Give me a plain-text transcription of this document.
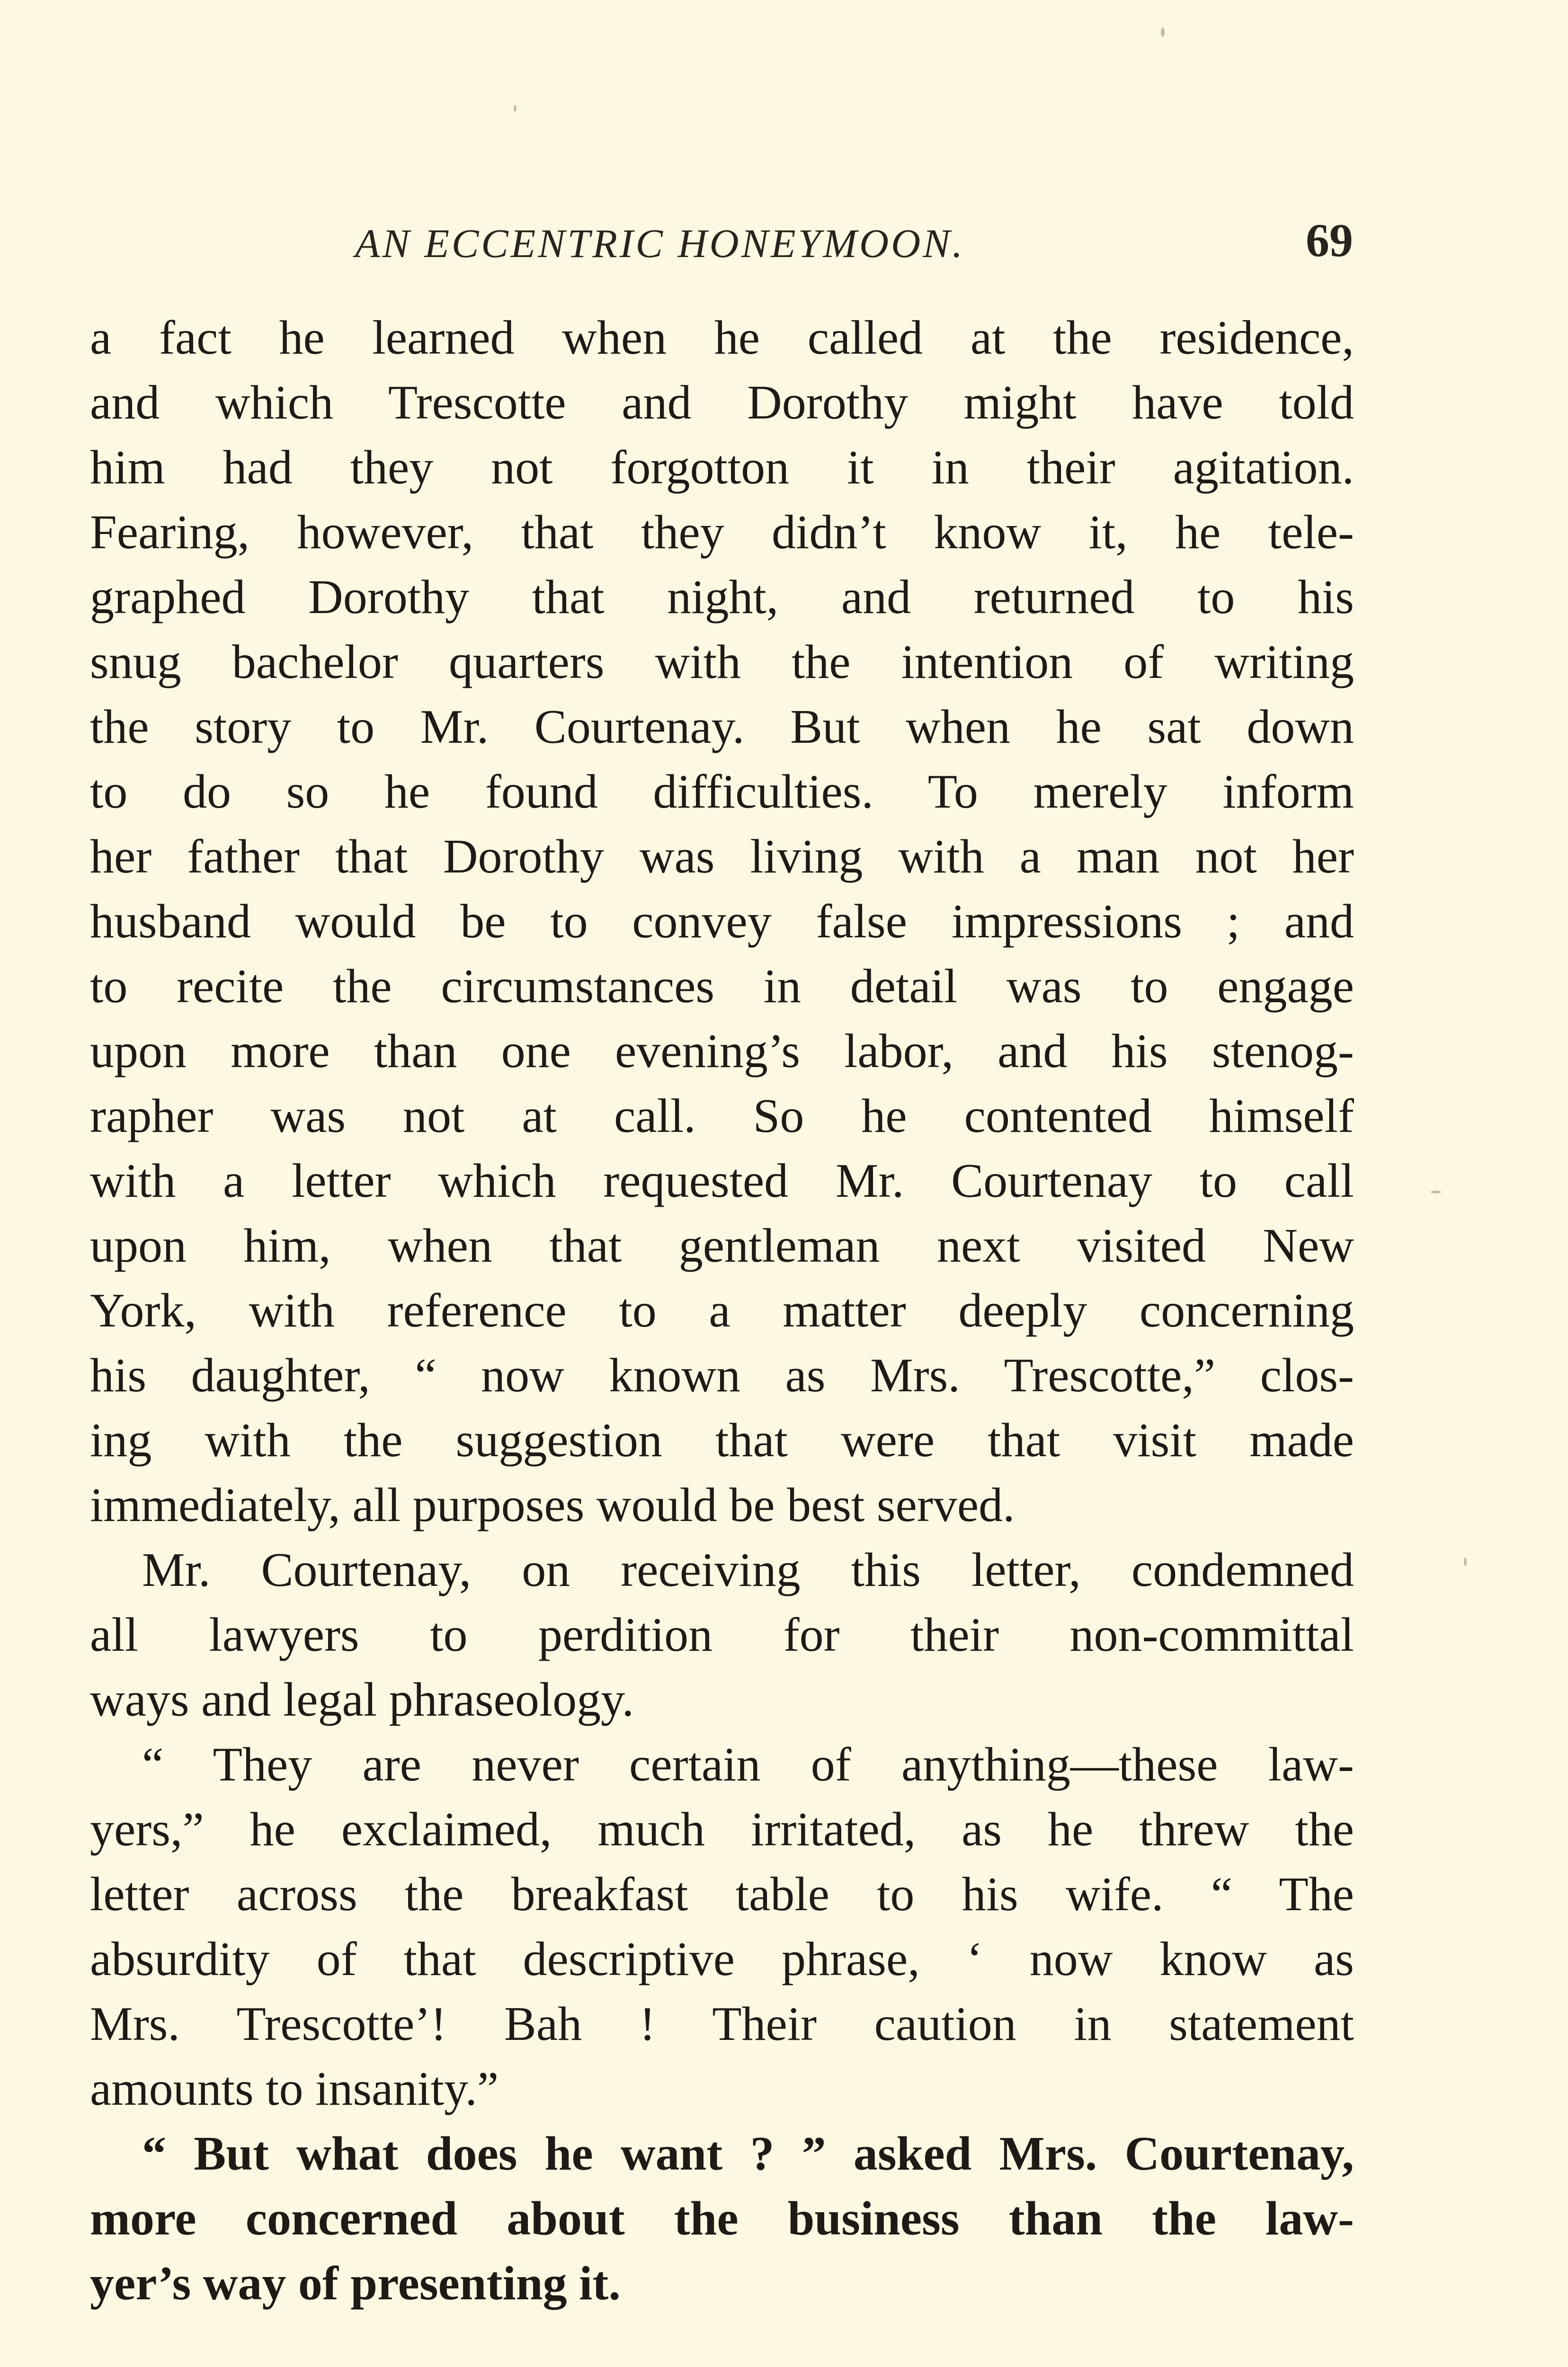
AN ECCENTRIC HONEYMOON.	69
a fact he learned when he called at the residence,
and which Trescotte and Dorothy might have told
him had they not forgotton it in their agitation.
Fearing, however, that they didn’t know it, he tele-
graphed Dorothy that night, and returned to his
snug bachelor quarters with the intention of writing
the story to Mr. Courtenay. But when he sat down
to do so he found difficulties. To merely inform
her father that Dorothy was living with a man not her
husband would be to convey false impressions ; and
to recite the circumstances in detail was to engage
upon more than one evening’s labor, and his stenog-
rapher was not at call. So he contented himself
with a letter which requested Mr. Courtenay to call
upon him, when that gentleman next visited New
York, with reference to a matter deeply concerning
his daughter, “ now known as Mrs. Trescotte,” clos-
ing with the suggestion that were that visit made
immediately, all purposes would be best served.
Mr. Courtenay, on receiving this letter, condemned
all lawyers to perdition for their non-committal
ways and legal phraseology.
“ They are never certain of anything—these law-
yers,” he exclaimed, much irritated, as he threw the
letter across the breakfast table to his wife. “ The
absurdity of that descriptive phrase, ‘ now know as
Mrs. Trescotte’! Bah ! Their caution in statement
amounts to insanity.”
“ But what does he want ? ” asked Mrs. Courtenay,
more concerned about the business than the law-
yer’s way of presenting it.
